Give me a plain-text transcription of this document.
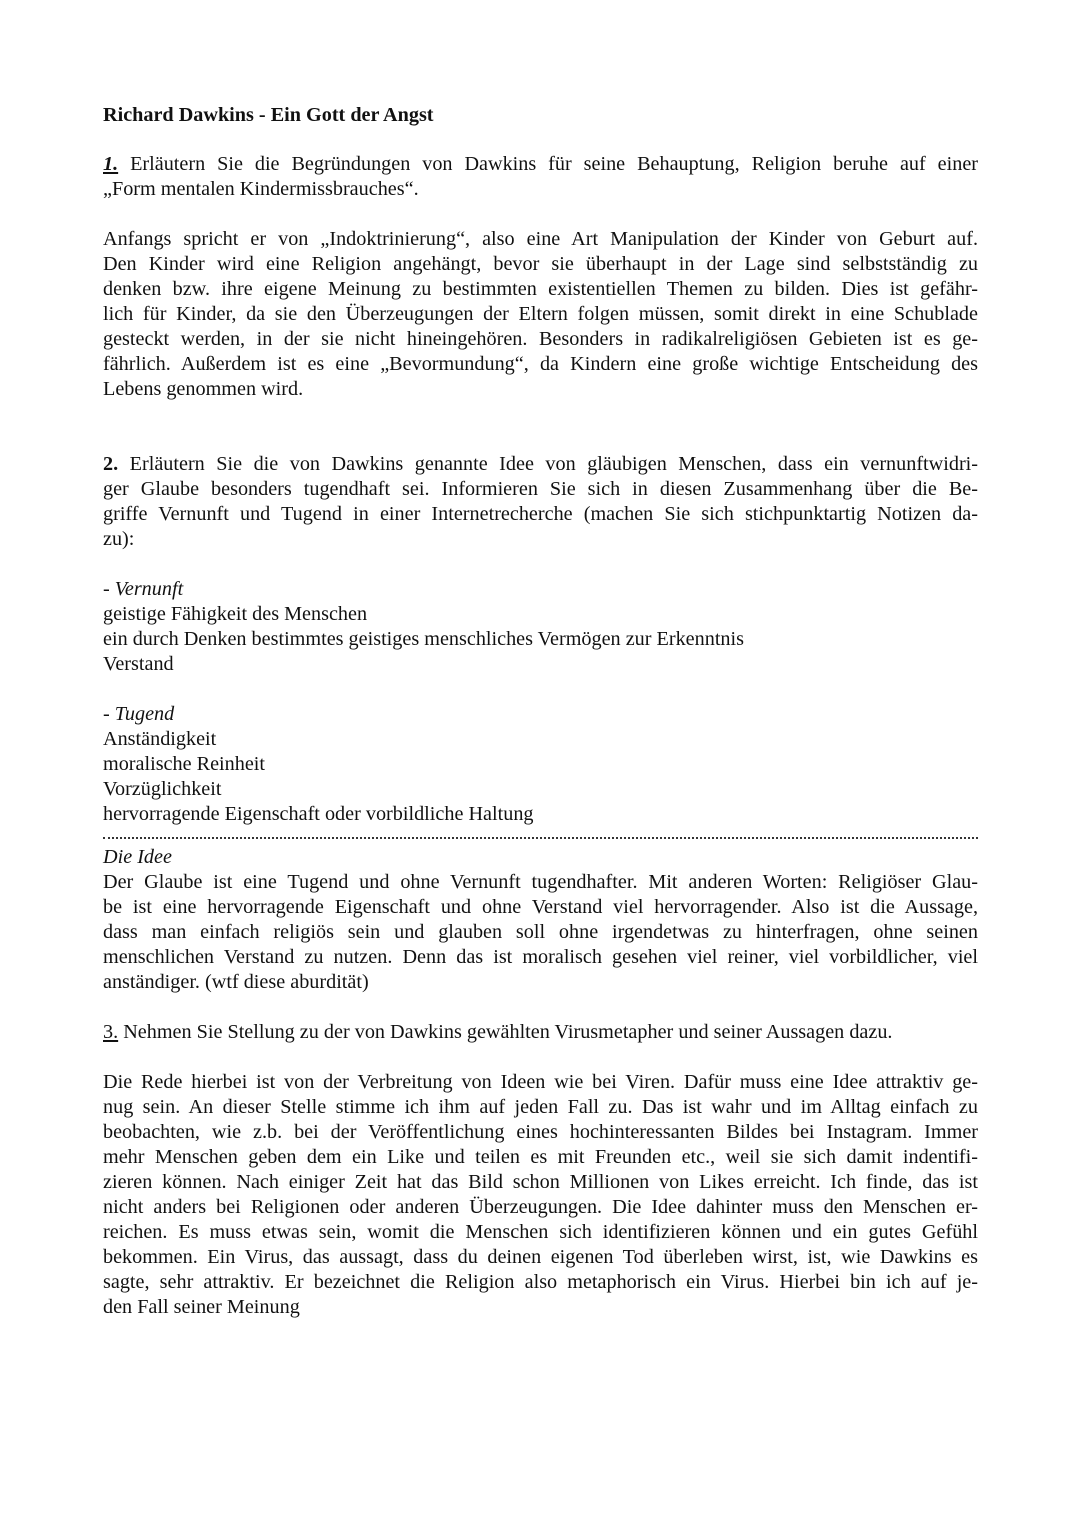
Richard Dawkins - Ein Gott der Angst
1. Erläutern Sie die Begründungen von Dawkins für seine Behauptung, Religion beruhe auf einer
„Form mentalen Kindermissbrauches“.
Anfangs spricht er von „Indoktrinierung“, also eine Art Manipulation der Kinder von Geburt auf.
Den Kinder wird eine Religion angehängt, bevor sie überhaupt in der Lage sind selbstständig zu
denken bzw. ihre eigene Meinung zu bestimmten existentiellen Themen zu bilden. Dies ist gefähr-
lich für Kinder, da sie den Überzeugungen der Eltern folgen müssen, somit direkt in eine Schublade
gesteckt werden, in der sie nicht hineingehören. Besonders in radikalreligiösen Gebieten ist es ge-
fährlich. Außerdem ist es eine „Bevormundung“, da Kindern eine große wichtige Entscheidung des
Lebens genommen wird.
2. Erläutern Sie die von Dawkins genannte Idee von gläubigen Menschen, dass ein vernunftwidri-
ger Glaube besonders tugendhaft sei. Informieren Sie sich in diesen Zusammenhang über die Be-
griffe Vernunft und Tugend in einer Internetrecherche (machen Sie sich stichpunktartig Notizen da-
zu):
- Vernunft
geistige Fähigkeit des Menschen
ein durch Denken bestimmtes geistiges menschliches Vermögen zur Erkenntnis
Verstand
- Tugend
Anständigkeit
moralische Reinheit
Vorzüglichkeit
hervorragende Eigenschaft oder vorbildliche Haltung
Die Idee
Der Glaube ist eine Tugend und ohne Vernunft tugendhafter. Mit anderen Worten: Religiöser Glau-
be ist eine hervorragende Eigenschaft und ohne Verstand viel hervorragender. Also ist die Aussage,
dass man einfach religiös sein und glauben soll ohne irgendetwas zu hinterfragen, ohne seinen
menschlichen Verstand zu nutzen. Denn das ist moralisch gesehen viel reiner, viel vorbildlicher, viel
anständiger. (wtf diese aburdität)
3. Nehmen Sie Stellung zu der von Dawkins gewählten Virusmetapher und seiner Aussagen dazu.
Die Rede hierbei ist von der Verbreitung von Ideen wie bei Viren. Dafür muss eine Idee attraktiv ge-
nug sein. An dieser Stelle stimme ich ihm auf jeden Fall zu. Das ist wahr und im Alltag einfach zu
beobachten, wie z.b. bei der Veröffentlichung eines hochinteressanten Bildes bei Instagram. Immer
mehr Menschen geben dem ein Like und teilen es mit Freunden etc., weil sie sich damit indentifi-
zieren können. Nach einiger Zeit hat das Bild schon Millionen von Likes erreicht. Ich finde, das ist
nicht anders bei Religionen oder anderen Überzeugungen. Die Idee dahinter muss den Menschen er-
reichen. Es muss etwas sein, womit die Menschen sich identifizieren können und ein gutes Gefühl
bekommen. Ein Virus, das aussagt, dass du deinen eigenen Tod überleben wirst, ist, wie Dawkins es
sagte, sehr attraktiv. Er bezeichnet die Religion also metaphorisch ein Virus. Hierbei bin ich auf je-
den Fall seiner Meinung
